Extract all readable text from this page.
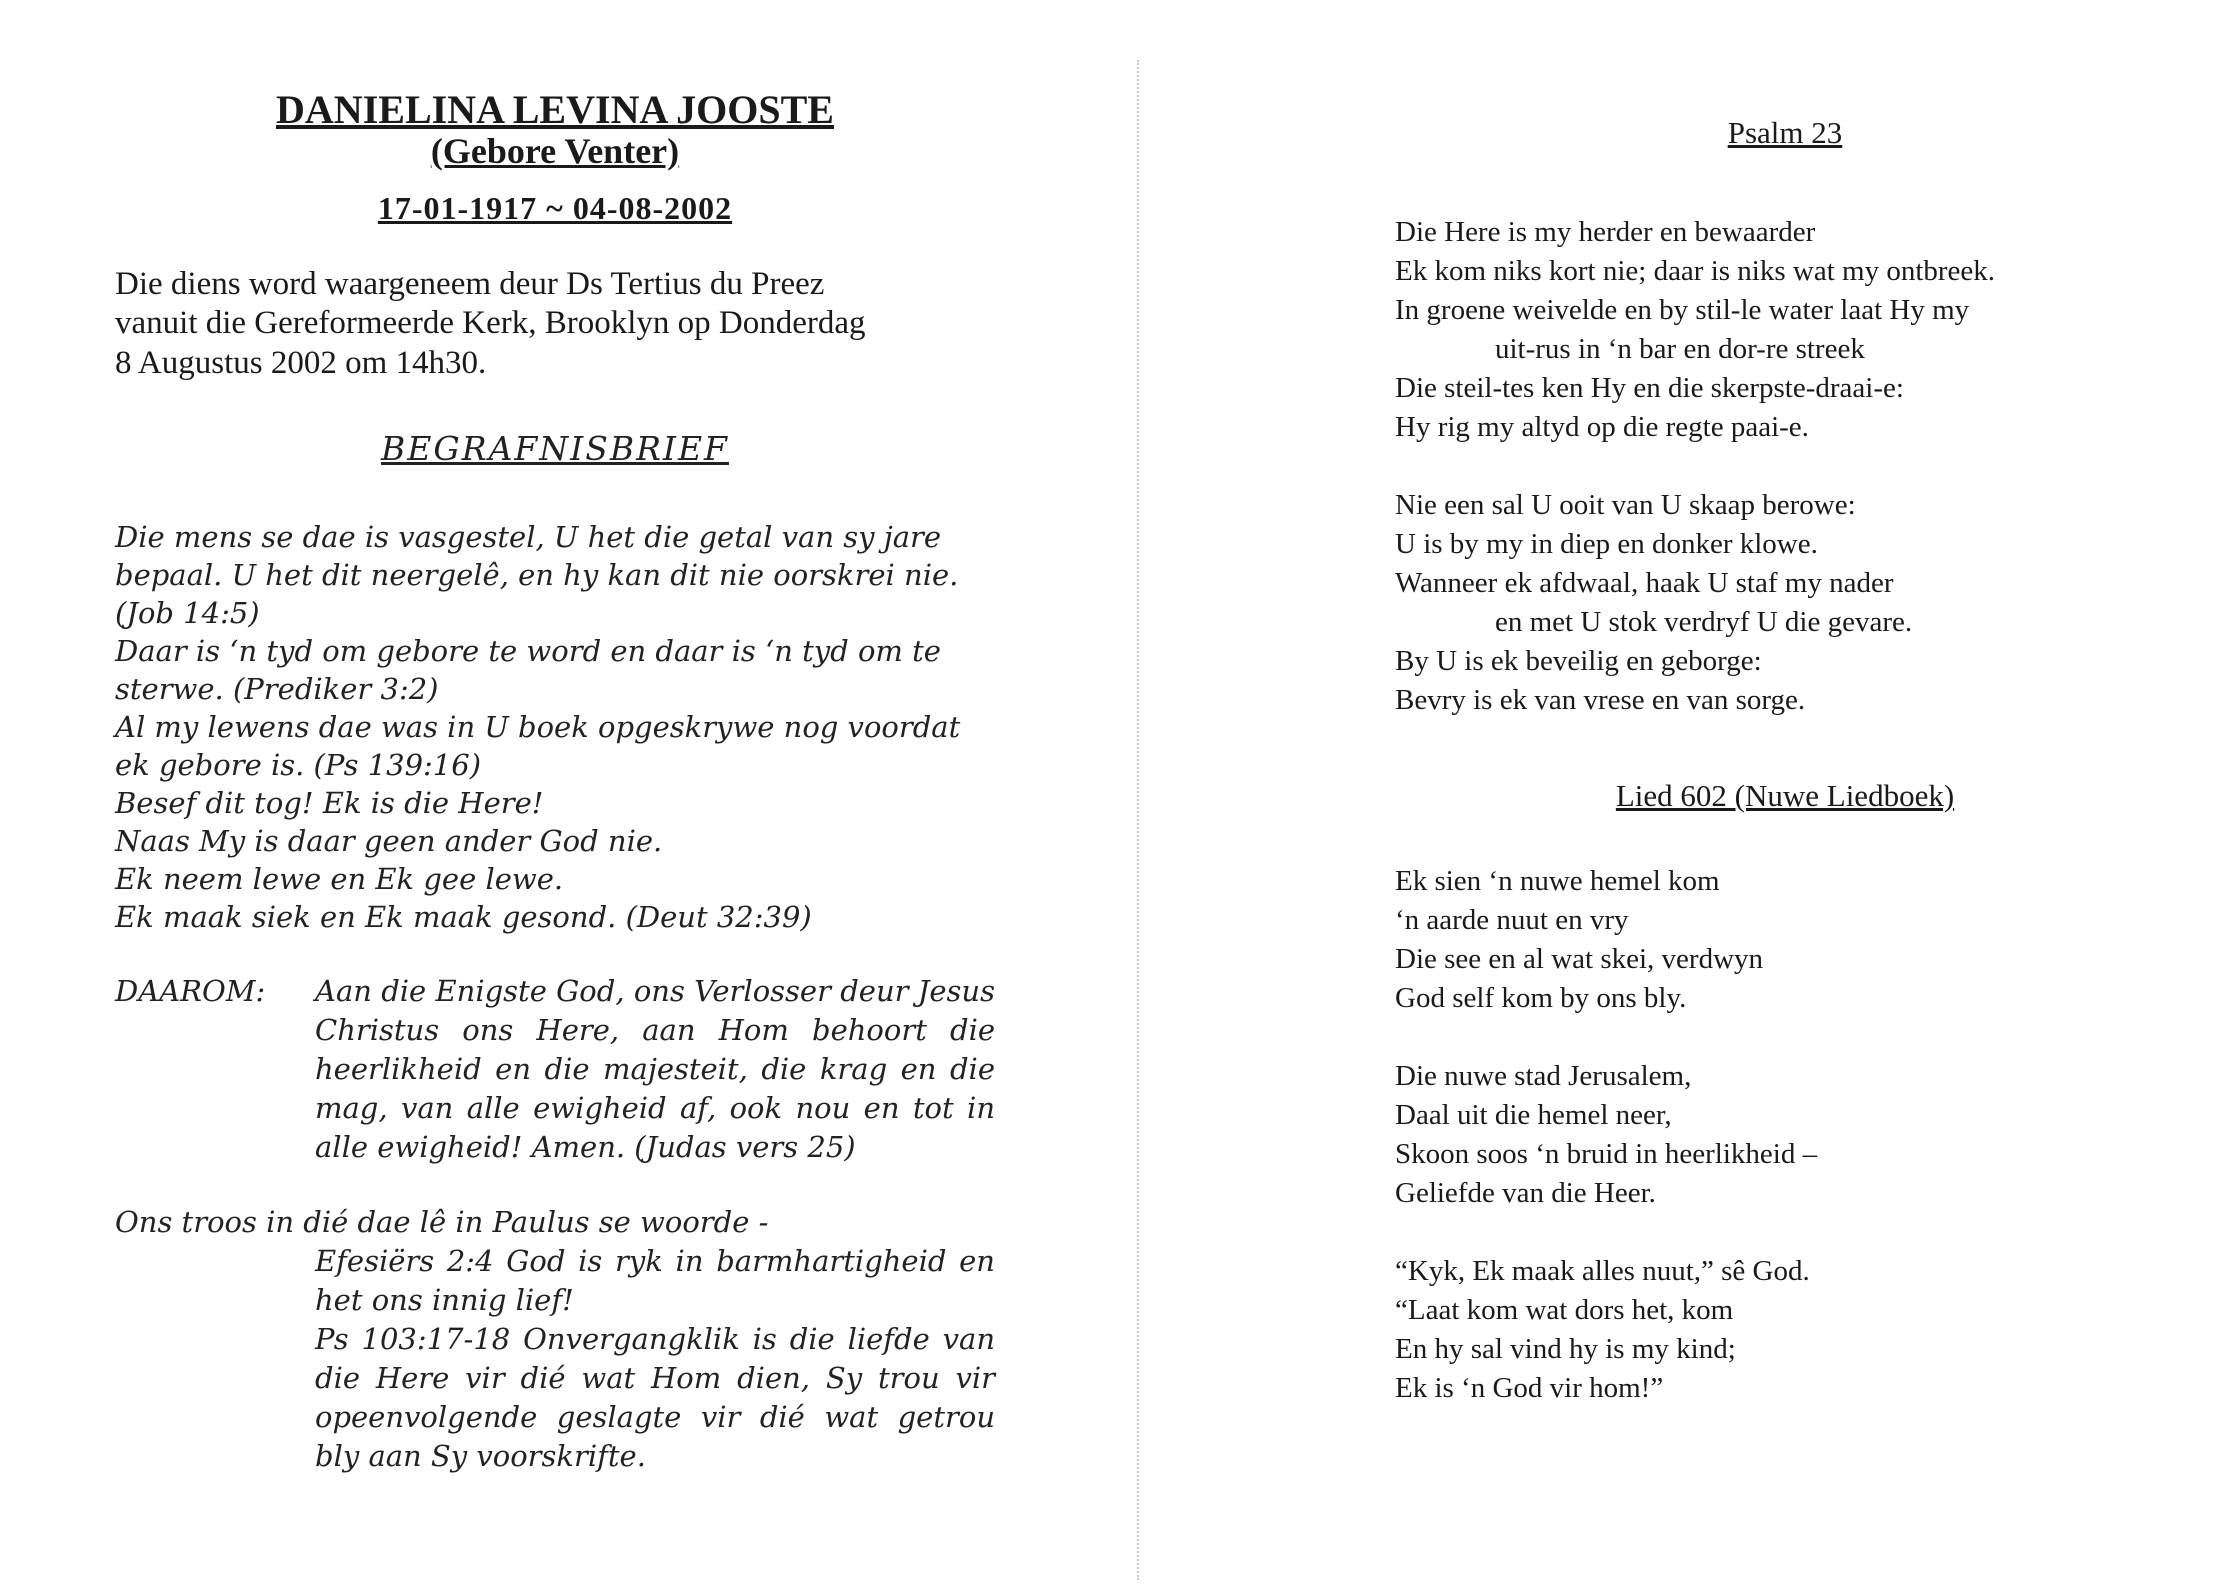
DANIELINA LEVINA JOOSTE

(Gebore Venter)

17-01-1917 ~ 04-08-2002

Die diens word waargeneem deur Ds Tertius du Preez
vanuit die Gereformeerde Kerk, Brooklyn op Donderdag
8 Augustus 2002 om 14h30.
BEGRAFNISBRIEF

Die mens se dae is vasgestel, U het die getal van sy jare

bepaal. U het dit neergelê, en hy kan dit nie oorskrei nie.

(Job 14:5)

Daar is ‘n tyd om gebore te word en daar is ‘n tyd om te

sterwe. (Prediker 3:2)

Al my lewens dae was in U boek opgeskrywe nog voordat

ek gebore is. (Ps 139:16)

Besef dit tog! Ek is die Here!

Naas My is daar geen ander God nie.

Ek neem lewe en Ek gee lewe.

Ek maak siek en Ek maak gesond. (Deut 32:39)

DAAROM:	Aan die Enigste God, ons Verlosser deur Jesus Christus ons Here, aan Hom behoort die heerlikheid en die majesteit, die krag en die mag, van alle ewigheid af, ook nou en tot in alle ewigheid! Amen. (Judas vers 25)

Ons troos in dié dae lê in Paulus se woorde -

Efesiërs 2:4 God is ryk in barmhartigheid en het ons innig lief!

Ps 103:17-18 Onvergangklik is die liefde van die Here vir dié wat Hom dien, Sy trou vir opeenvolgende geslagte vir dié wat getrou bly aan Sy voorskrifte.

Psalm 23

Die Here is my herder en bewaarder

Ek kom niks kort nie; daar is niks wat my ontbreek.

In groene weivelde en by stil-le water laat Hy my

uit-rus in ‘n bar en dor-re streek

Die steil-tes ken Hy en die skerpste-draai-e:

Hy rig my altyd op die regte paai-e.

Nie een sal U ooit van U skaap berowe:

U is by my in diep en donker klowe.

Wanneer ek afdwaal, haak U staf my nader

en met U stok verdryf U die gevare.

By U is ek beveilig en geborge:

Bevry is ek van vrese en van sorge.

Lied 602 (Nuwe Liedboek)

Ek sien ‘n nuwe hemel kom

‘n aarde nuut en vry

Die see en al wat skei, verdwyn

God self kom by ons bly.

Die nuwe stad Jerusalem,

Daal uit die hemel neer,

Skoon soos ‘n bruid in heerlikheid –

Geliefde van die Heer.

“Kyk, Ek maak alles nuut,” sê God.

“Laat kom wat dors het, kom

En hy sal vind hy is my kind;

Ek is ‘n God vir hom!”
